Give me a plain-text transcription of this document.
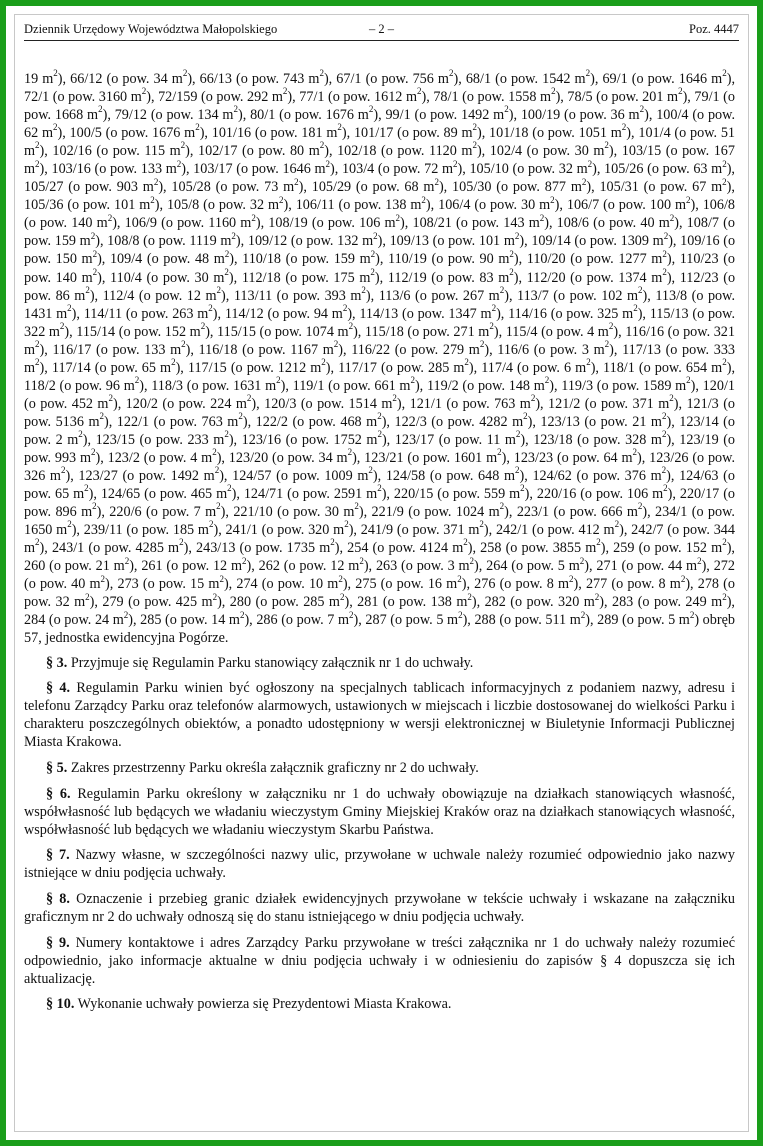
Dziennik Urzędowy Województwa Małopolskiego	– 2 –	Poz. 4447

19 $m^2$), 66/12 (o pow. 34 $m^2$), 66/13 (o pow. 743 $m^2$), 67/1 (o pow. 756 $m^2$), 68/1 (o pow. 1542 $m^2$), 69/1 (o pow. 1646 $m^2$), 72/1 (o pow. 3160 $m^2$), 72/159 (o pow. 292 $m^2$), 77/1 (o pow. 1612 $m^2$), 78/1 (o pow. 1558 $m^2$), 78/5 (o pow. 201 $m^2$), 79/1 (o pow. 1668 $m^2$), 79/12 (o pow. 134 $m^2$), 80/1 (o pow. 1676 $m^2$), 99/1 (o pow. 1492 $m^2$), 100/19 (o pow. 36 $m^2$), 100/4 (o pow. 62 $m^2$), 100/5 (o pow. 1676 $m^2$), 101/16 (o pow. 181 $m^2$), 101/17 (o pow. 89 $m^2$), 101/18 (o pow. 1051 $m^2$), 101/4 (o pow. 51 $m^2$), 102/16 (o pow. 115 $m^2$), 102/17 (o pow. 80 $m^2$), 102/18 (o pow. 1120 $m^2$), 102/4 (o pow. 30 $m^2$), 103/15 (o pow. 167 $m^2$), 103/16 (o pow. 133 $m^2$), 103/17 (o pow. 1646 $m^2$), 103/4 (o pow. 72 $m^2$), 105/10 (o pow. 32 $m^2$), 105/26 (o pow. 63 $m^2$), 105/27 (o pow. 903 $m^2$), 105/28 (o pow. 73 $m^2$), 105/29 (o pow. 68 $m^2$), 105/30 (o pow. 877 $m^2$), 105/31 (o pow. 67 $m^2$), 105/36 (o pow. 101 $m^2$), 105/8 (o pow. 32 $m^2$), 106/11 (o pow. 138 $m^2$), 106/4 (o pow. 30 $m^2$), 106/7 (o pow. 100 $m^2$), 106/8 (o pow. 140 $m^2$), 106/9 (o pow. 1160 $m^2$), 108/19 (o pow. 106 $m^2$), 108/21 (o pow. 143 $m^2$), 108/6 (o pow. 40 $m^2$), 108/7 (o pow. 159 $m^2$), 108/8 (o pow. 1119 $m^2$), 109/12 (o pow. 132 $m^2$), 109/13 (o pow. 101 $m^2$), 109/14 (o pow. 1309 $m^2$), 109/16 (o pow. 150 $m^2$), 109/4 (o pow. 48 $m^2$), 110/18 (o pow. 159 $m^2$), 110/19 (o pow. 90 $m^2$), 110/20 (o pow. 1277 $m^2$), 110/23 (o pow. 140 $m^2$), 110/4 (o pow. 30 $m^2$), 112/18 (o pow. 175 $m^2$), 112/19 (o pow. 83 $m^2$), 112/20 (o pow. 1374 $m^2$), 112/23 (o pow. 86 $m^2$), 112/4 (o pow. 12 $m^2$), 113/11 (o pow. 393 $m^2$), 113/6 (o pow. 267 $m^2$), 113/7 (o pow. 102 $m^2$), 113/8 (o pow. 1431 $m^2$), 114/11 (o pow. 263 $m^2$), 114/12 (o pow. 94 $m^2$), 114/13 (o pow. 1347 $m^2$), 114/16 (o pow. 325 $m^2$), 115/13 (o pow. 322 $m^2$), 115/14 (o pow. 152 $m^2$), 115/15 (o pow. 1074 $m^2$), 115/18 (o pow. 271 $m^2$), 115/4 (o pow. 4 $m^2$), 116/16 (o pow. 321 $m^2$), 116/17 (o pow. 133 $m^2$), 116/18 (o pow. 1167 $m^2$), 116/22 (o pow. 279 $m^2$), 116/6 (o pow. 3 $m^2$), 117/13 (o pow. 333 $m^2$), 117/14 (o pow. 65 $m^2$), 117/15 (o pow. 1212 $m^2$), 117/17 (o pow. 285 $m^2$), 117/4 (o pow. 6 $m^2$), 118/1 (o pow. 654 $m^2$), 118/2 (o pow. 96 $m^2$), 118/3 (o pow. 1631 $m^2$), 119/1 (o pow. 661 $m^2$), 119/2 (o pow. 148 $m^2$), 119/3 (o pow. 1589 $m^2$), 120/1 (o pow. 452 $m^2$), 120/2 (o pow. 224 $m^2$), 120/3 (o pow. 1514 $m^2$), 121/1 (o pow. 763 $m^2$), 121/2 (o pow. 371 $m^2$), 121/3 (o pow. 5136 $m^2$), 122/1 (o pow. 763 $m^2$), 122/2 (o pow. 468 $m^2$), 122/3 (o pow. 4282 $m^2$), 123/13 (o pow. 21 $m^2$), 123/14 (o pow. 2 $m^2$), 123/15 (o pow. 233 $m^2$), 123/16 (o pow. 1752 $m^2$), 123/17 (o pow. 11 $m^2$), 123/18 (o pow. 328 $m^2$), 123/19 (o pow. 993 $m^2$), 123/2 (o pow. 4 $m^2$), 123/20 (o pow. 34 $m^2$), 123/21 (o pow. 1601 $m^2$), 123/23 (o pow. 64 $m^2$), 123/26 (o pow. 326 $m^2$), 123/27 (o pow. 1492 $m^2$), 124/57 (o pow. 1009 $m^2$), 124/58 (o pow. 648 $m^2$), 124/62 (o pow. 376 $m^2$), 124/63 (o pow. 65 $m^2$), 124/65 (o pow. 465 $m^2$), 124/71 (o pow. 2591 $m^2$), 220/15 (o pow. 559 $m^2$), 220/16 (o pow. 106 $m^2$), 220/17 (o pow. 896 $m^2$), 220/6 (o pow. 7 $m^2$), 221/10 (o pow. 30 $m^2$), 221/9 (o pow. 1024 $m^2$), 223/1 (o pow. 666 $m^2$), 234/1 (o pow. 1650 $m^2$), 239/11 (o pow. 185 $m^2$), 241/1 (o pow. 320 $m^2$), 241/9 (o pow. 371 $m^2$), 242/1 (o pow. 412 $m^2$), 242/7 (o pow. 344 $m^2$), 243/1 (o pow. 4285 $m^2$), 243/13 (o pow. 1735 $m^2$), 254 (o pow. 4124 $m^2$), 258 (o pow. 3855 $m^2$), 259 (o pow. 152 $m^2$), 260 (o pow. 21 $m^2$), 261 (o pow. 12 $m^2$), 262 (o pow. 12 $m^2$), 263 (o pow. 3 $m^2$), 264 (o pow. 5 $m^2$), 271 (o pow. 44 $m^2$), 272 (o pow. 40 $m^2$), 273 (o pow. 15 $m^2$), 274 (o pow. 10 $m^2$), 275 (o pow. 16 $m^2$), 276 (o pow. 8 $m^2$), 277 (o pow. 8 $m^2$), 278 (o pow. 32 $m^2$), 279 (o pow. 425 $m^2$), 280 (o pow. 285 $m^2$), 281 (o pow. 138 $m^2$), 282 (o pow. 320 $m^2$), 283 (o pow. 249 $m^2$), 284 (o pow. 24 $m^2$), 285 (o pow. 14 $m^2$), 286 (o pow. 7 $m^2$), 287 (o pow. 5 $m^2$), 288 (o pow. 511 $m^2$), 289 (o pow. 5 $m^2$) obręb 57, jednostka ewidencyjna Pogórze.

§ 3. Przyjmuje się Regulamin Parku stanowiący załącznik nr 1 do uchwały.

§ 4. Regulamin Parku winien być ogłoszony na specjalnych tablicach informacyjnych z podaniem nazwy, adresu i telefonu Zarządcy Parku oraz telefonów alarmowych, ustawionych w miejscach i liczbie dostosowanej do wielkości Parku i charakteru poszczególnych obiektów, a ponadto udostępniony w wersji elektronicznej w Biuletynie Informacji Publicznej Miasta Krakowa.

§ 5. Zakres przestrzenny Parku określa załącznik graficzny nr 2 do uchwały.

§ 6. Regulamin Parku określony w załączniku nr 1 do uchwały obowiązuje na działkach stanowiących własność, współwłasność lub będących we władaniu wieczystym Gminy Miejskiej Kraków oraz na działkach stanowiących własność, współwłasność lub będących we władaniu wieczystym Skarbu Państwa.

§ 7. Nazwy własne, w szczególności nazwy ulic, przywołane w uchwale należy rozumieć odpowiednio jako nazwy istniejące w dniu podjęcia uchwały.

§ 8. Oznaczenie i przebieg granic działek ewidencyjnych przywołane w tekście uchwały i wskazane na załączniku graficznym nr 2 do uchwały odnoszą się do stanu istniejącego w dniu podjęcia uchwały.

§ 9. Numery kontaktowe i adres Zarządcy Parku przywołane w treści załącznika nr 1 do uchwały należy rozumieć odpowiednio, jako informacje aktualne w dniu podjęcia uchwały i w odniesieniu do zapisów § 4 dopuszcza się ich aktualizację.

§ 10. Wykonanie uchwały powierza się Prezydentowi Miasta Krakowa.
